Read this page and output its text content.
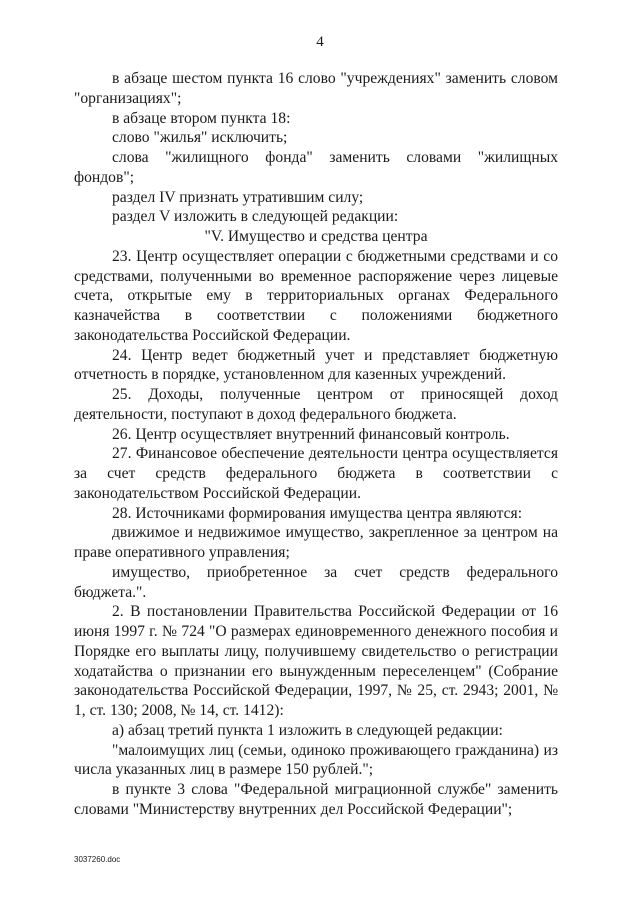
4

в абзаце шестом пункта 16 слово "учреждениях" заменить словом "организациях";

в абзаце втором пункта 18:

слово "жилья" исключить;

слова "жилищного фонда" заменить словами "жилищных фондов";

раздел IV признать утратившим силу;

раздел V изложить в следующей редакции:

"V. Имущество и средства центра

23. Центр осуществляет операции с бюджетными средствами и со средствами, полученными во временное распоряжение через лицевые счета, открытые ему в территориальных органах Федерального казначейства в соответствии с положениями бюджетного законодательства Российской Федерации.

24. Центр ведет бюджетный учет и представляет бюджетную отчетность в порядке, установленном для казенных учреждений.

25. Доходы, полученные центром от приносящей доход деятельности, поступают в доход федерального бюджета.

26. Центр осуществляет внутренний финансовый контроль.

27. Финансовое обеспечение деятельности центра осуществляется за счет средств федерального бюджета в соответствии с законодательством Российской Федерации.

28. Источниками формирования имущества центра являются:

движимое и недвижимое имущество, закрепленное за центром на праве оперативного управления;

имущество, приобретенное за счет средств федерального бюджета.".

2. В постановлении Правительства Российской Федерации от 16 июня 1997 г. № 724 "О размерах единовременного денежного пособия и Порядке его выплаты лицу, получившему свидетельство о регистрации ходатайства о признании его вынужденным переселенцем" (Собрание законодательства Российской Федерации, 1997, № 25, ст. 2943; 2001, № 1, ст. 130; 2008, № 14, ст. 1412):

а) абзац третий пункта 1 изложить в следующей редакции:

"малоимущих лиц (семьи, одиноко проживающего гражданина) из числа указанных лиц в размере 150 рублей.";

в пункте 3 слова "Федеральной миграционной службе" заменить словами "Министерству внутренних дел Российской Федерации";

3037260.doc
